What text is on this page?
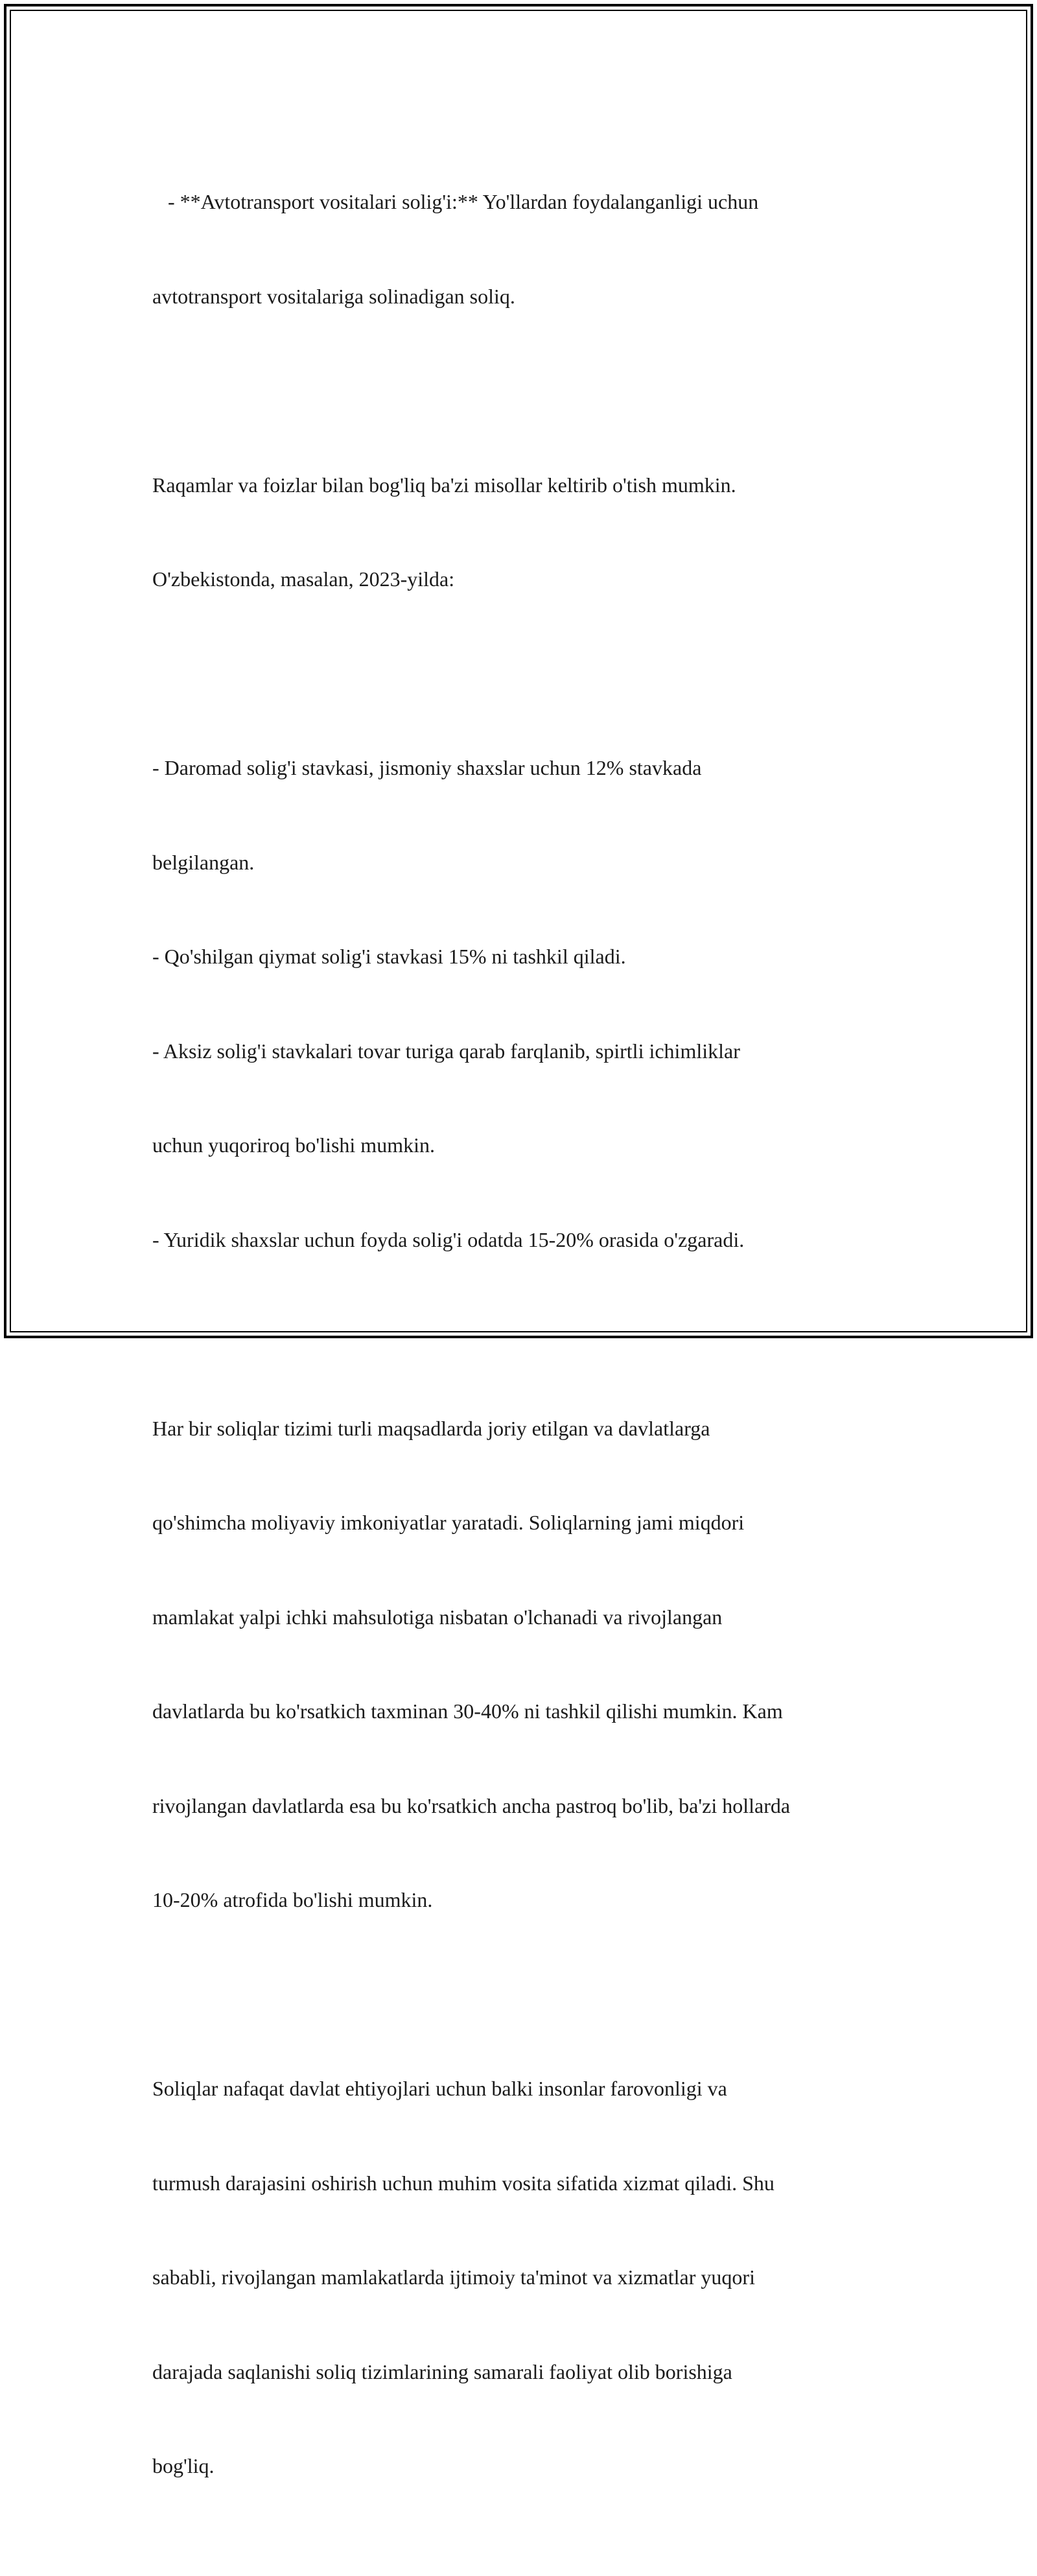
- **Avtotransport vositalari solig'i:** Yo'llardan foydalanganligi uchun

avtotransport vositalariga solinadigan soliq.

Raqamlar va foizlar bilan bog'liq ba'zi misollar keltirib o'tish mumkin.

O'zbekistonda, masalan, 2023-yilda:

- Daromad solig'i stavkasi, jismoniy shaxslar uchun 12% stavkada

belgilangan.

- Qo'shilgan qiymat solig'i stavkasi 15% ni tashkil qiladi.

- Aksiz solig'i stavkalari tovar turiga qarab farqlanib, spirtli ichimliklar

uchun yuqoriroq bo'lishi mumkin.

- Yuridik shaxslar uchun foyda solig'i odatda 15-20% orasida o'zgaradi.

Har bir soliqlar tizimi turli maqsadlarda joriy etilgan va davlatlarga

qo'shimcha moliyaviy imkoniyatlar yaratadi. Soliqlarning jami miqdori

mamlakat yalpi ichki mahsulotiga nisbatan o'lchanadi va rivojlangan

davlatlarda bu ko'rsatkich taxminan 30-40% ni tashkil qilishi mumkin. Kam

rivojlangan davlatlarda esa bu ko'rsatkich ancha pastroq bo'lib, ba'zi hollarda

10-20% atrofida bo'lishi mumkin.

Soliqlar nafaqat davlat ehtiyojlari uchun balki insonlar farovonligi va

turmush darajasini oshirish uchun muhim vosita sifatida xizmat qiladi. Shu

sababli, rivojlangan mamlakatlarda ijtimoiy ta'minot va xizmatlar yuqori

darajada saqlanishi soliq tizimlarining samarali faoliyat olib borishiga

bog'liq.
